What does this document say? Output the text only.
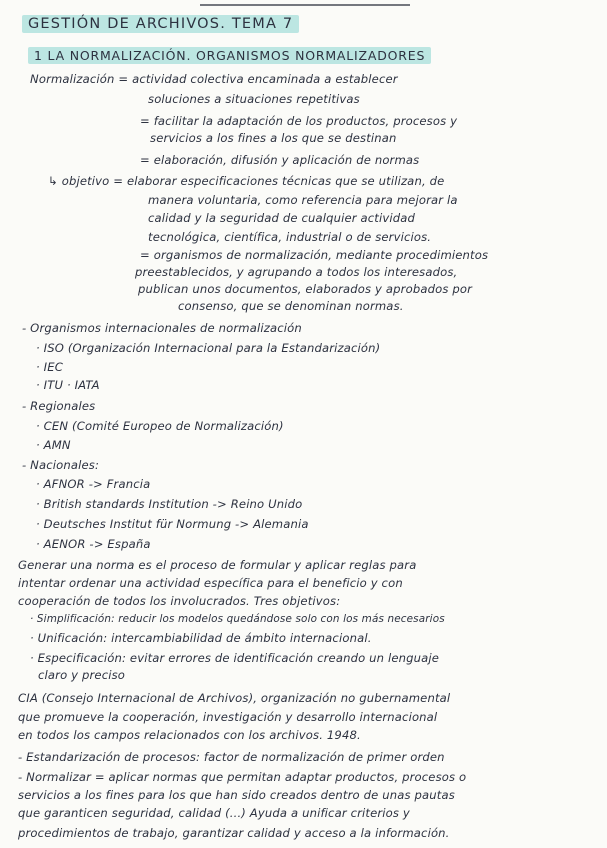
GESTIÓN DE ARCHIVOS. TEMA 7
1 LA NORMALIZACIÓN. ORGANISMOS NORMALIZADORES
Normalización = actividad colectiva encaminada a establecer
soluciones a situaciones repetitivas
= facilitar la adaptación de los productos, procesos y
servicios a los fines a los que se destinan
= elaboración, difusión y aplicación de normas
↳ objetivo = elaborar especificaciones técnicas que se utilizan, de
manera voluntaria, como referencia para mejorar la
calidad y la seguridad de cualquier actividad
tecnológica, científica, industrial o de servicios.
= organismos de normalización, mediante procedimientos
preestablecidos, y agrupando a todos los interesados,
publican unos documentos, elaborados y aprobados por
consenso, que se denominan normas.
- Organismos internacionales de normalización
· ISO (Organización Internacional para la Estandarización)
· IEC
· ITU · IATA
- Regionales
· CEN (Comité Europeo de Normalización)
· AMN
- Nacionales:
· AFNOR -> Francia
· British standards Institution -> Reino Unido
· Deutsches Institut für Normung -> Alemania
· AENOR -> España
Generar una norma es el proceso de formular y aplicar reglas para
intentar ordenar una actividad específica para el beneficio y con
cooperación de todos los involucrados. Tres objetivos:
· Simplificación: reducir los modelos quedándose solo con los más necesarios
· Unificación: intercambiabilidad de ámbito internacional.
· Especificación: evitar errores de identificación creando un lenguaje
claro y preciso
CIA (Consejo Internacional de Archivos), organización no gubernamental
que promueve la cooperación, investigación y desarrollo internacional
en todos los campos relacionados con los archivos. 1948.
- Estandarización de procesos: factor de normalización de primer orden
- Normalizar = aplicar normas que permitan adaptar productos, procesos o
servicios a los fines para los que han sido creados dentro de unas pautas
que garanticen seguridad, calidad (...) Ayuda a unificar criterios y
procedimientos de trabajo, garantizar calidad y acceso a la información.
